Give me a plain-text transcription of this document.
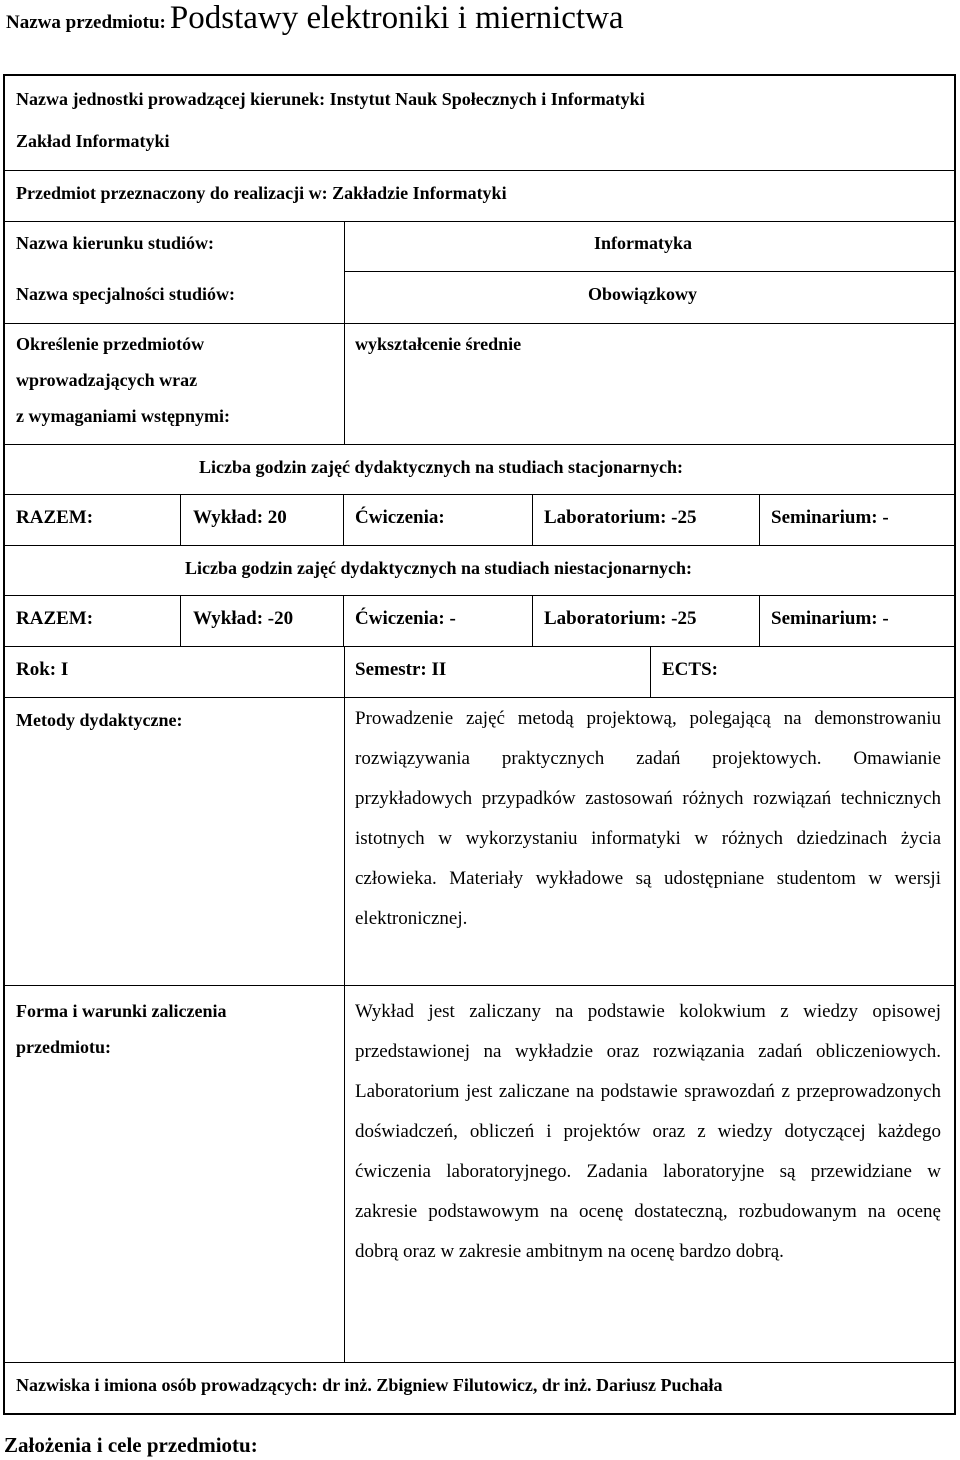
Nazwa przedmiotu: Podstawy elektroniki i miernictwa
Nazwa jednostki prowadzącej kierunek: Instytut Nauk Społecznych i Informatyki
Zakład Informatyki
Przedmiot przeznaczony do realizacji w: Zakładzie Informatyki
Nazwa kierunku studiów:	Informatyka
Nazwa specjalności studiów:	Obowiązkowy
Określenie przedmiotów
wprowadzających wraz
z wymaganiami wstępnymi:
wykształcenie średnie
Liczba godzin zajęć dydaktycznych na studiach stacjonarnych:
RAZEM:	Wykład: 20	Ćwiczenia:	Laboratorium: -25	Seminarium: -
Liczba godzin zajęć dydaktycznych na studiach niestacjonarnych:
RAZEM:	Wykład: -20	Ćwiczenia: -	Laboratorium: -25	Seminarium: -
Rok: I	Semestr: II	ECTS:
Metody dydaktyczne:	Prowadzenie zajęć metodą projektową, polegającą na demonstrowaniu rozwiązywania praktycznych zadań projektowych. Omawianie przykładowych przypadków zastosowań różnych rozwiązań technicznych istotnych w wykorzystaniu informatyki w różnych dziedzinach życia człowieka. Materiały wykładowe są udostępniane studentom w wersji elektronicznej.
Forma i warunki zaliczenia
przedmiotu:
Wykład jest zaliczany na podstawie kolokwium z wiedzy opisowej przedstawionej na wykładzie oraz rozwiązania zadań obliczeniowych. Laboratorium jest zaliczane na podstawie sprawozdań z przeprowadzonych doświadczeń, obliczeń i projektów oraz z wiedzy dotyczącej każdego ćwiczenia laboratoryjnego. Zadania laboratoryjne są przewidziane w zakresie podstawowym na ocenę dostateczną, rozbudowanym na ocenę dobrą oraz w zakresie ambitnym na ocenę bardzo dobrą.
Nazwiska i imiona osób prowadzących: dr inż. Zbigniew Filutowicz, dr inż. Dariusz Puchała
Założenia i cele przedmiotu:
